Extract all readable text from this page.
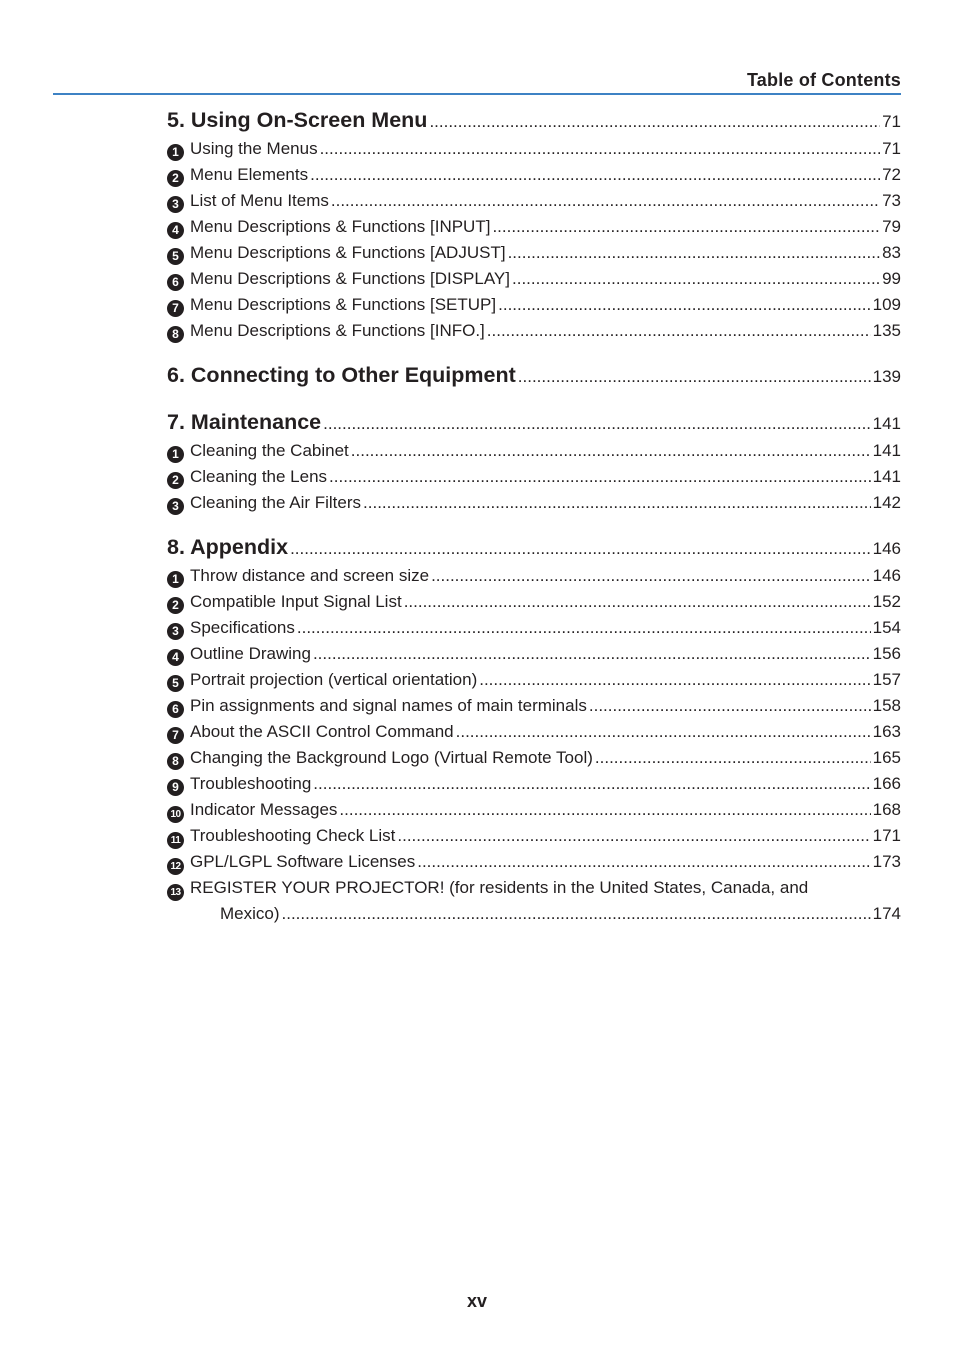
Table of Contents
5. Using On-Screen Menu .....	71
1 Using the Menus .....	71
2 Menu Elements .....	72
3 List of Menu Items .....	73
4 Menu Descriptions & Functions [INPUT] .....	79
5 Menu Descriptions & Functions [ADJUST] .....	83
6 Menu Descriptions & Functions [DISPLAY] .....	99
7 Menu Descriptions & Functions [SETUP] .....	109
8 Menu Descriptions & Functions [INFO.] .....	135
6. Connecting to Other Equipment .....	139
7. Maintenance .....	141
1 Cleaning the Cabinet .....	141
2 Cleaning the Lens .....	141
3 Cleaning the Air Filters .....	142
8. Appendix .....	146
1 Throw distance and screen size .....	146
2 Compatible Input Signal List .....	152
3 Specifications .....	154
4 Outline Drawing .....	156
5 Portrait projection (vertical orientation) .....	157
6 Pin assignments and signal names of main terminals .....	158
7 About the ASCII Control Command .....	163
8 Changing the Background Logo (Virtual Remote Tool) .....	165
9 Troubleshooting .....	166
10 Indicator Messages .....	168
11 Troubleshooting Check List .....	171
12 GPL/LGPL Software Licenses .....	173
13 REGISTER YOUR PROJECTOR! (for residents in the United States, Canada, and
Mexico) .....	174
xv
